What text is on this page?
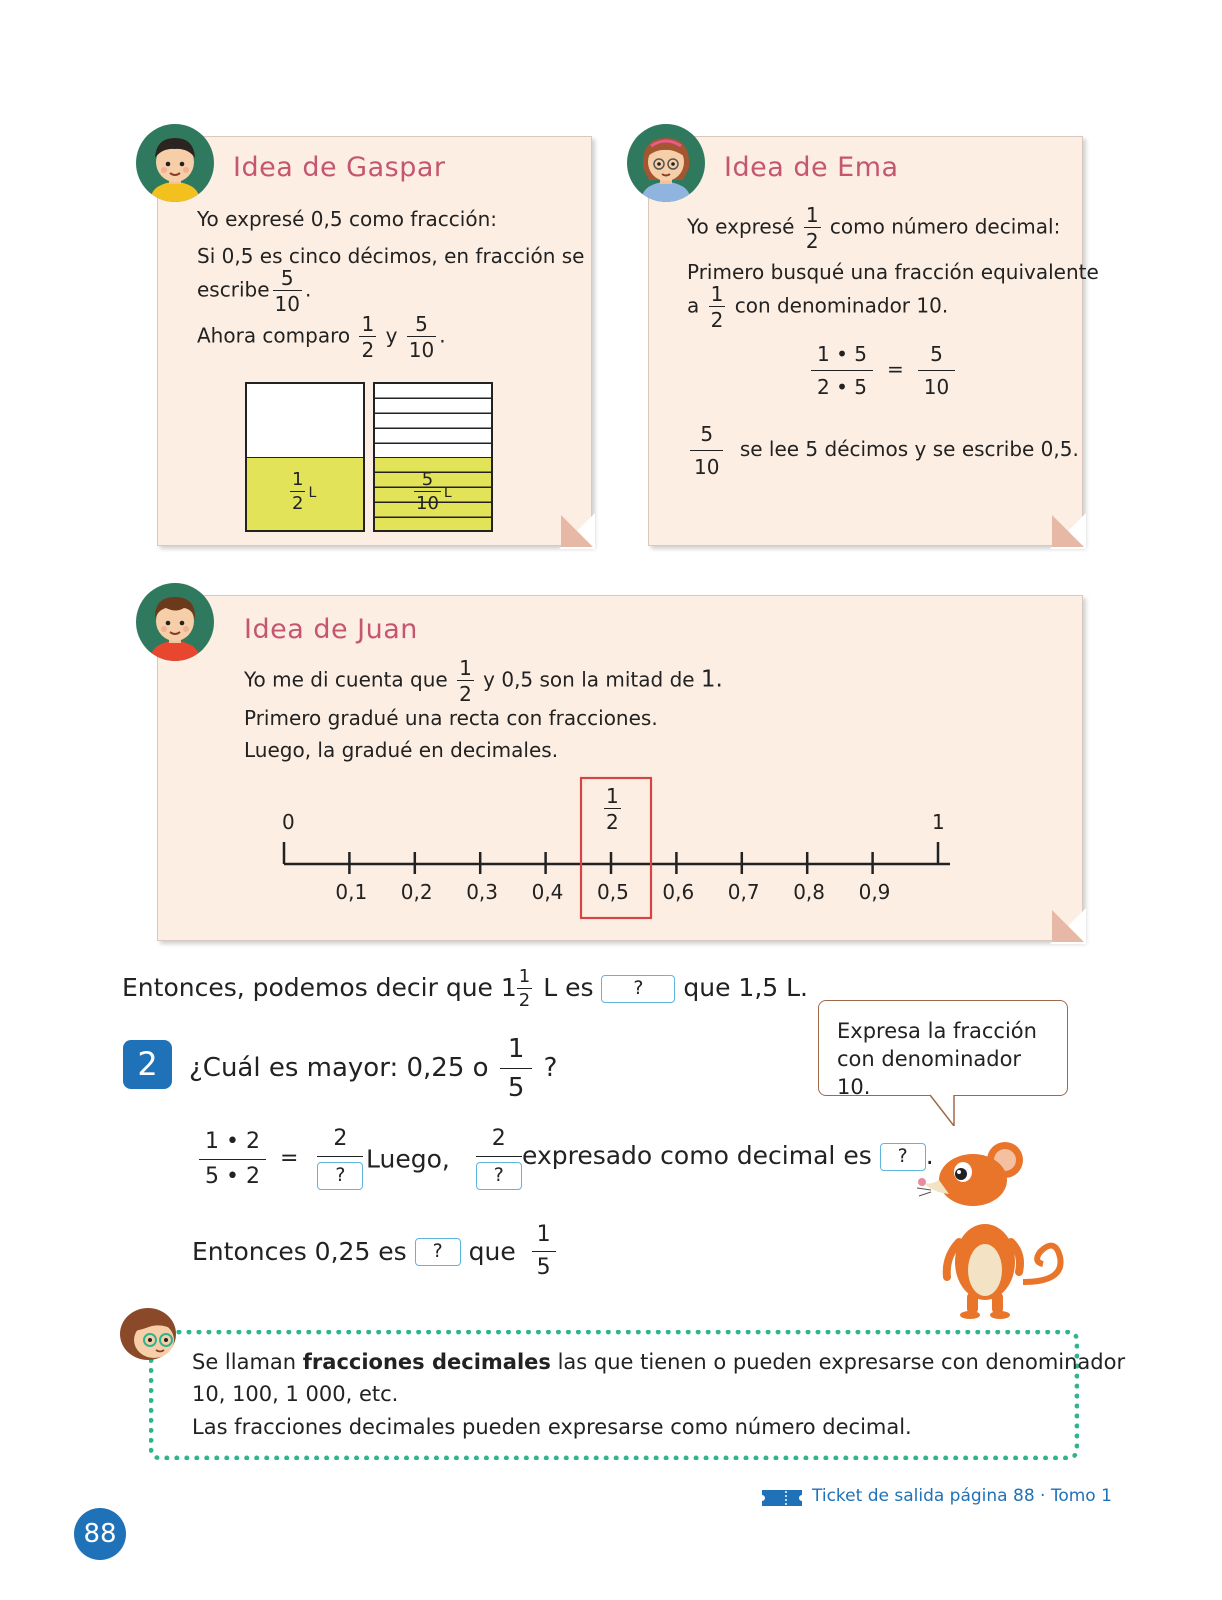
Idea de Gaspar
Yo expresé 0,5 como fracción:
Si 0,5 es cinco décimos, en fracción se
escribe $\frac{5}{10}$ .
Ahora comparo $\frac{1}{2}$ y $\frac{5}{10}$ .
$\frac{1}{2}$ L	$\frac{5}{10}$ L
Idea de Ema
Yo expresé $\frac{1}{2}$ como número decimal:
Primero busqué una fracción equivalente
a $\frac{1}{2}$ con denominador 10.
$\frac{1 • 5}{2 • 5} = \frac{5}{10}$
$\frac{5}{10}$ se lee 5 décimos y se escribe 0,5.
Idea de Juan
Yo me di cuenta que $\frac{1}{2}$ y 0,5 son la mitad de 1.
Primero gradué una recta con fracciones.
Luego, la gradué en decimales.
0	1
$\frac{1}{2}$
0,1 0,2 0,3 0,4 0,5 0,6 0,7 0,8 0,9
Entonces, podemos decir que $1 \frac{1}{2}$ L es ? que 1,5 L.
2	¿Cuál es mayor: 0,25 o $\frac{1}{5}$ ?
$\frac{1 • 2}{5 • 2} = \frac{2}{?}$ Luego, $\frac{2}{?}$ expresado como decimal es ? .
Entonces 0,25 es ? que $\frac{1}{5}$
Expresa la fracción
con denominador 10.
Se llaman fracciones decimales las que tienen o pueden expresarse con denominador
10, 100, 1 000, etc.
Las fracciones decimales pueden expresarse como número decimal.
Ticket de salida página 88 · Tomo 1
88
